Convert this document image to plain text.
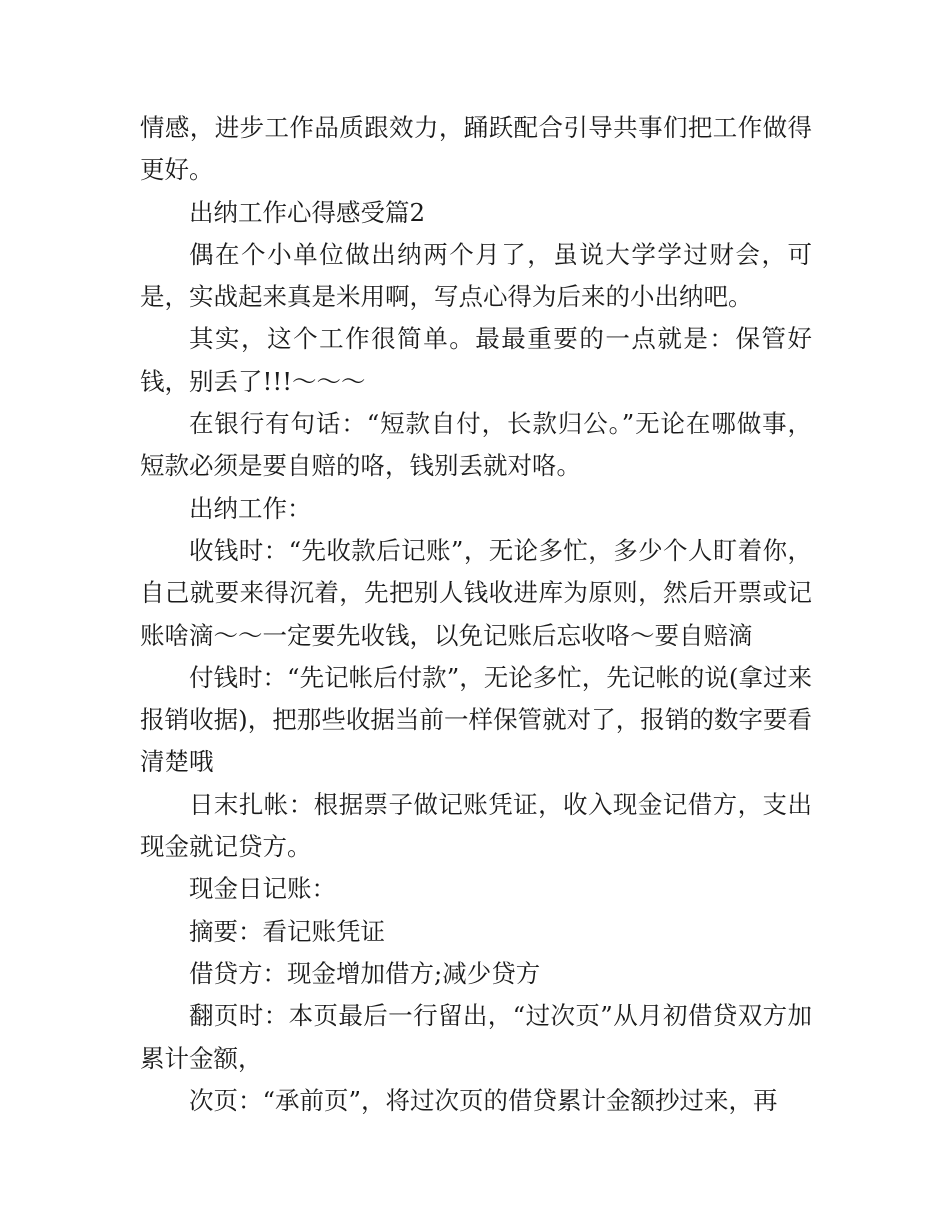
情感，进步工作品质跟效力，踊跃配合引导共事们把工作做得更好。

出纳工作心得感受篇2

偶在个小单位做出纳两个月了，虽说大学学过财会，可是，实战起来真是米用啊，写点心得为后来的小出纳吧。

其实，这个工作很简单。最最重要的一点就是：保管好钱，别丢了!!!～～～

在银行有句话：“短款自付，长款归公。”无论在哪做事，短款必须是要自赔的咯，钱别丢就对咯。

出纳工作：

收钱时：“先收款后记账”，无论多忙，多少个人盯着你，自己就要来得沉着，先把别人钱收进库为原则，然后开票或记账啥滴～～一定要先收钱，以免记账后忘收咯～要自赔滴

付钱时：“先记帐后付款”，无论多忙，先记帐的说(拿过来报销收据)，把那些收据当前一样保管就对了，报销的数字要看清楚哦

日末扎帐：根据票子做记账凭证，收入现金记借方，支出现金就记贷方。

现金日记账：

摘要：看记账凭证

借贷方：现金增加借方;减少贷方

翻页时：本页最后一行留出，“过次页”从月初借贷双方加累计金额，

次页：“承前页”，将过次页的借贷累计金额抄过来，再
